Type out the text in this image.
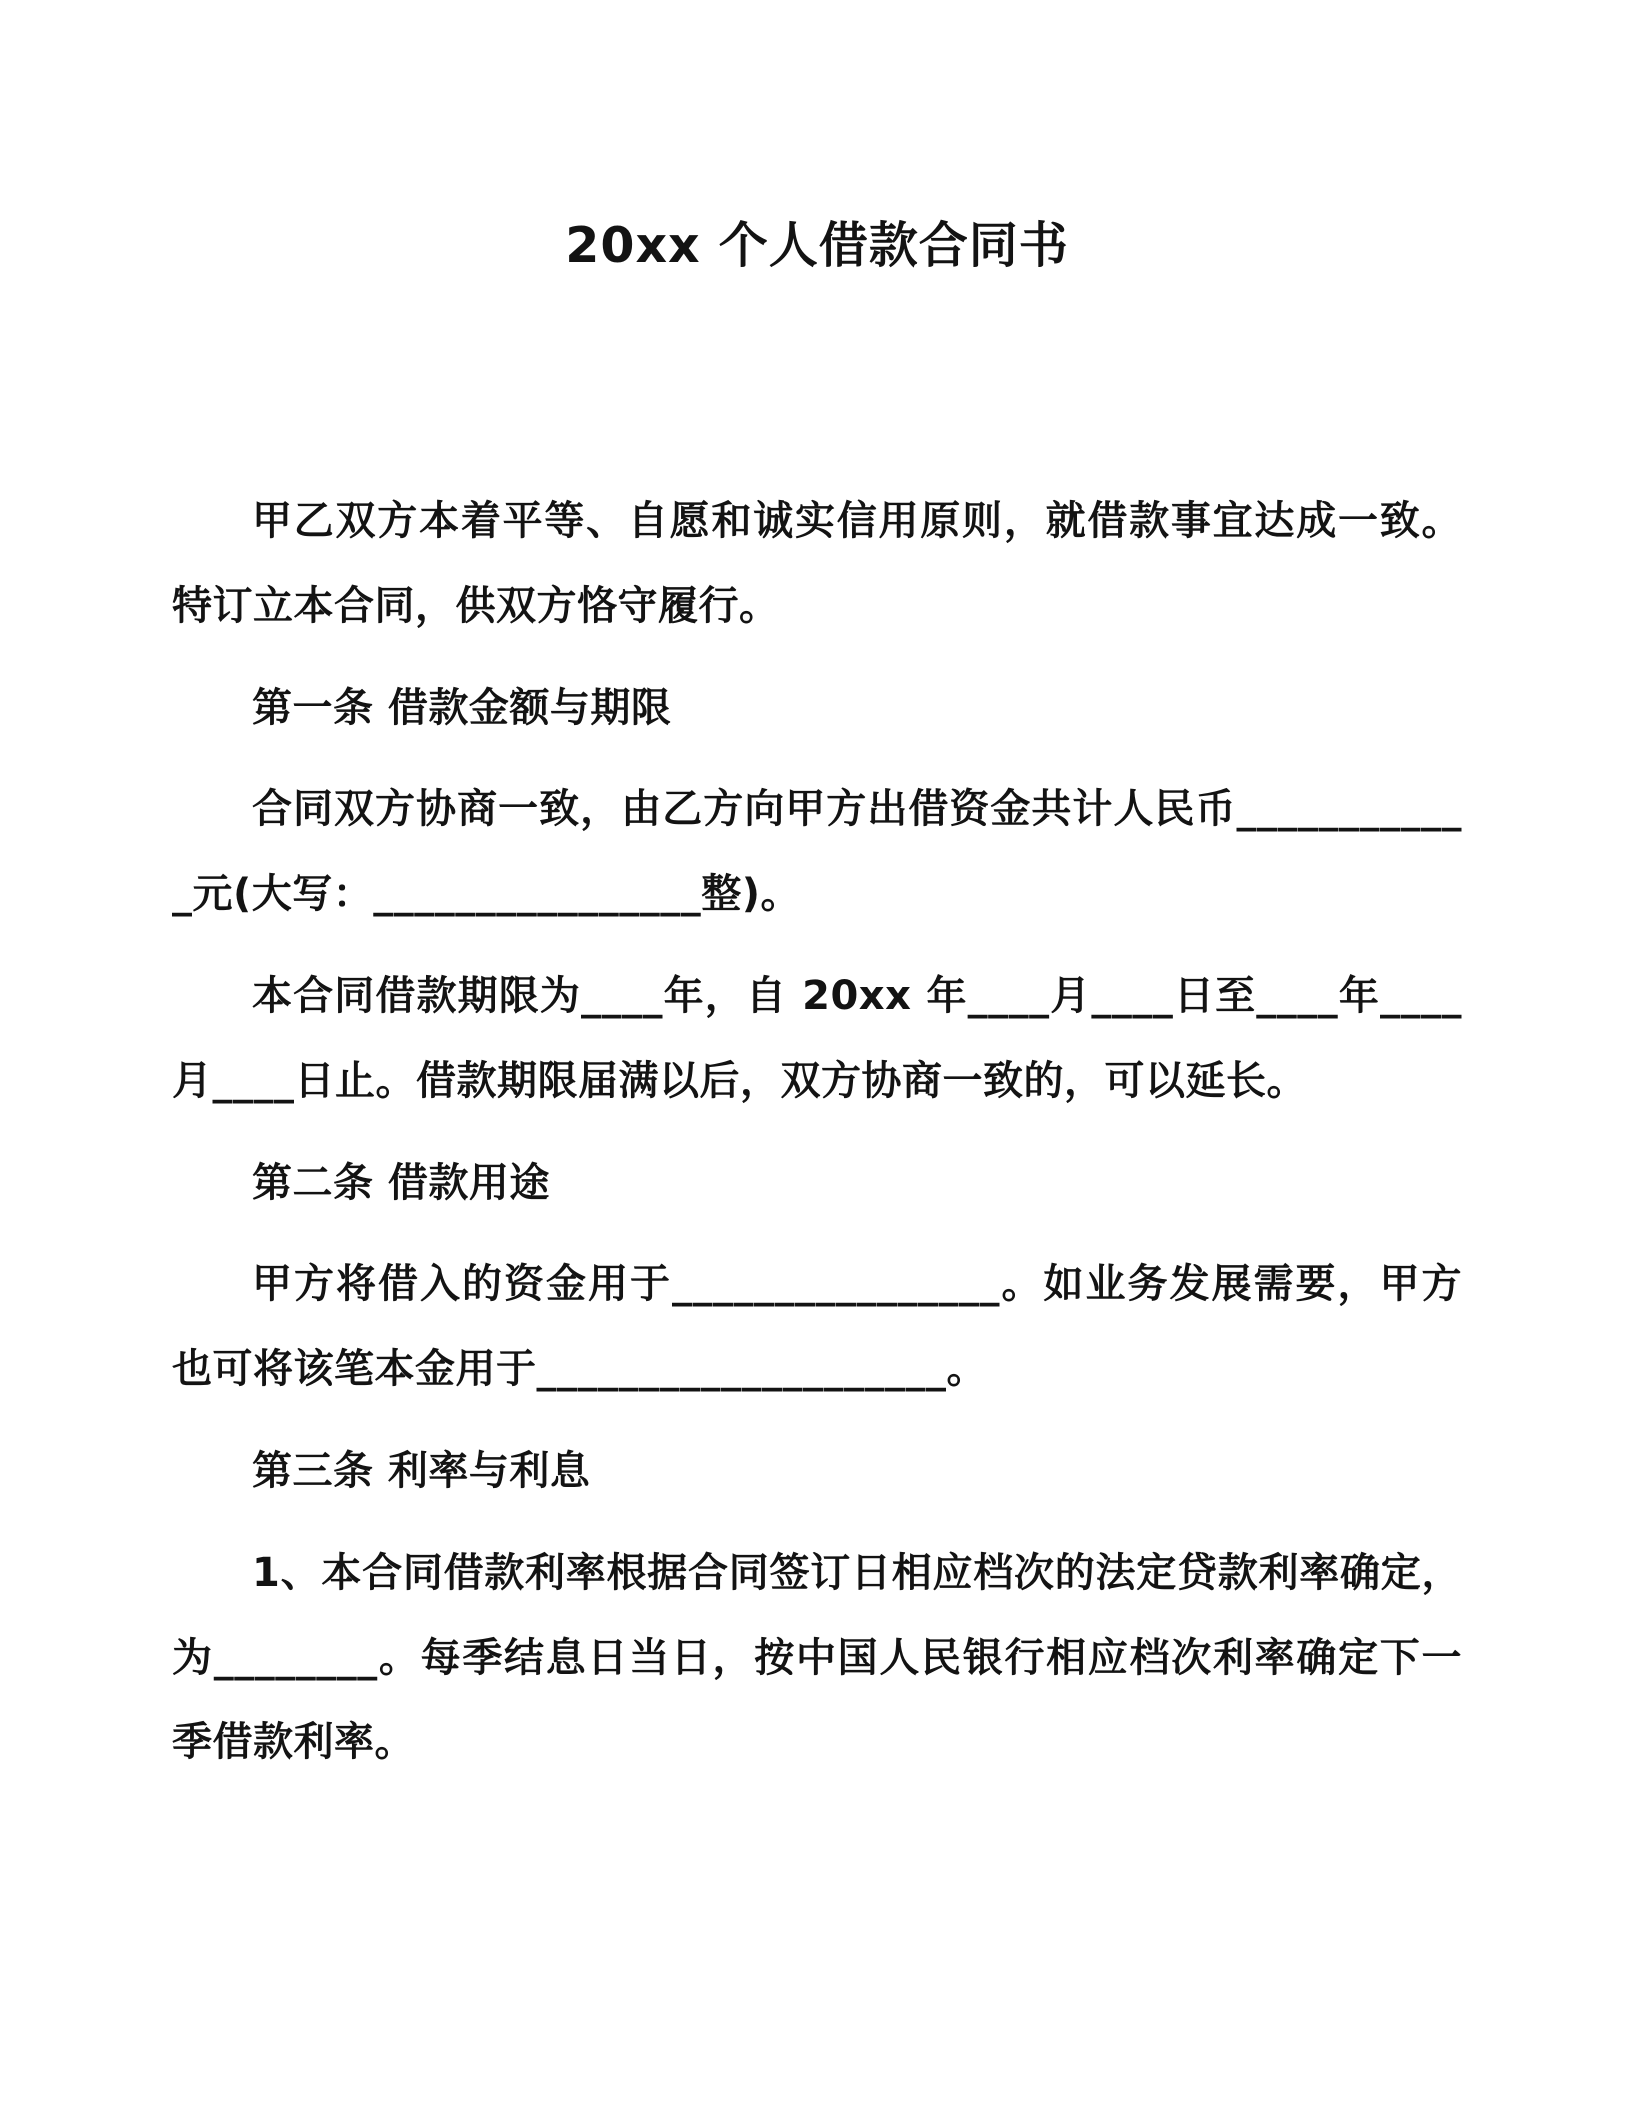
20xx 个人借款合同书

甲乙双方本着平等、自愿和诚实信用原则，就借款事宜达成一致。特订立本合同，供双方恪守履行。

第一条 借款金额与期限

合同双方协商一致，由乙方向甲方出借资金共计人民币____________元(大写：________________整)。

本合同借款期限为____年，自 20xx 年____月____日至____年____月____日止。借款期限届满以后，双方协商一致的，可以延长。

第二条 借款用途

甲方将借入的资金用于________________。如业务发展需要，甲方也可将该笔本金用于____________________。

第三条 利率与利息

1、本合同借款利率根据合同签订日相应档次的法定贷款利率确定，为________。每季结息日当日，按中国人民银行相应档次利率确定下一季借款利率。
